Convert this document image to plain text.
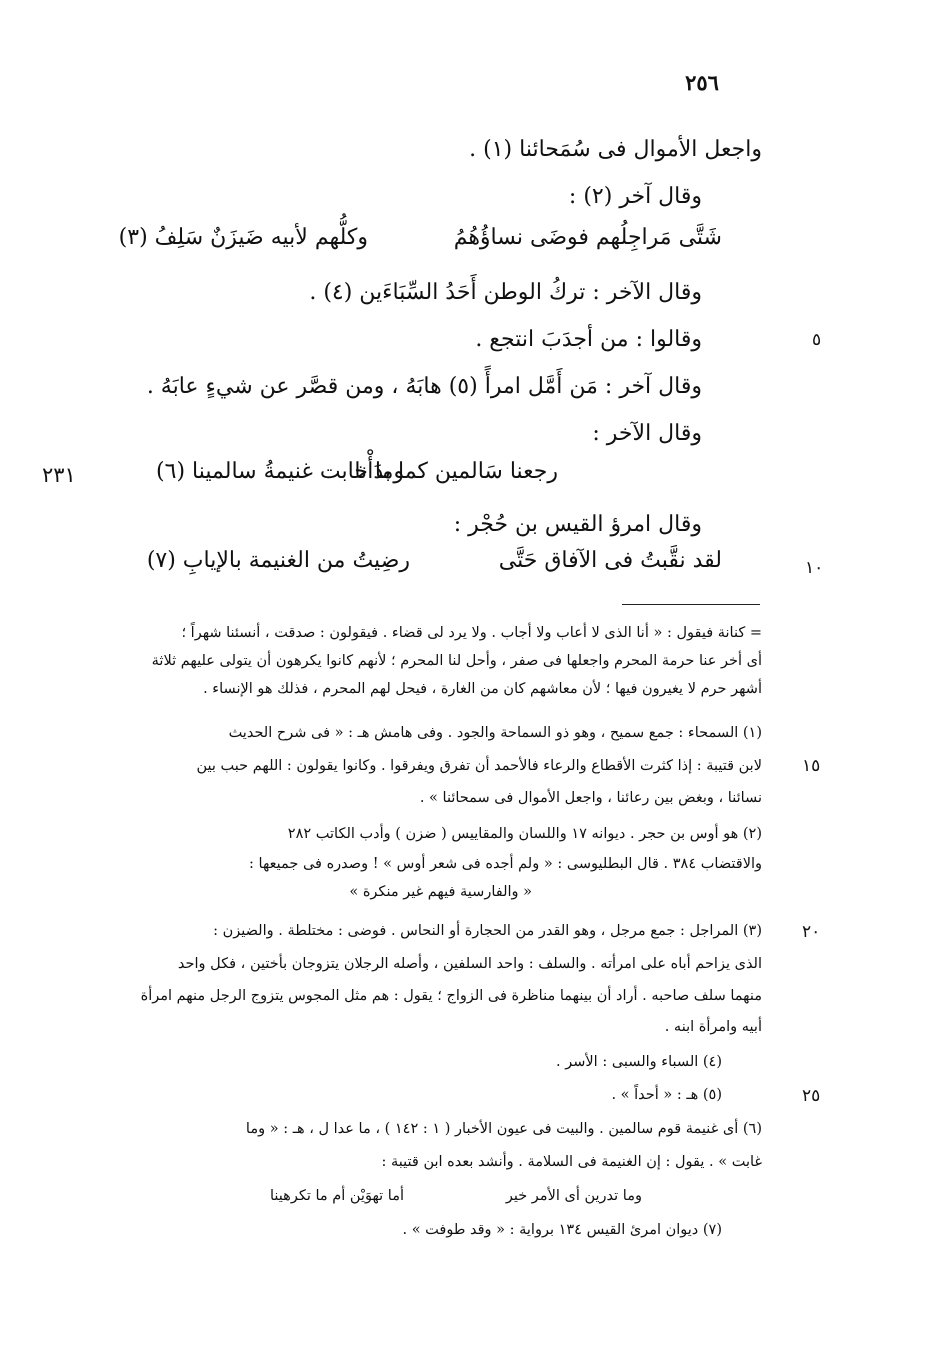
٢٥٦
٥
١٠
١٥
٢٠
٢٥
٢٣١
واجعل الأموال فى سُمَحائنا (١) .
وقال آخر (٢) :
شَتَّى مَراجِلُهم فوضَى نساؤُهُمُ
وكلُّهم لأبيه ضَيزَنٌ سَلِفُ (٣)
وقال الآخر : تركُ الوطن أَحَدُ السِّبَاءَين (٤) .
وقالوا : من أجدَبَ انتجع .
وقال آخر : مَن أَمَّل امرأً (٥) هابَهُ ، ومن قصَّر عن شيءٍ عابَهُ .
وقال الآخر :
رجعنا سَالمين كما بدَأْنا
وما خابت غنيمةُ سالمينا (٦)
وقال امرؤ القيس بن حُجْر :
لقد نقَّبتُ فى الآفاق حَتَّى
رضِيتُ من الغنيمة بالإيابِ (٧)
= كنانة فيقول : « أنا الذى لا أعاب ولا أجاب . ولا يرد لى قضاء . فيقولون : صدقت ، أنسئنا شهراً ؛
أى أخر عنا حرمة المحرم واجعلها فى صفر ، وأحل لنا المحرم ؛ لأنهم كانوا يكرهون أن يتولى عليهم ثلاثة
أشهر حرم لا يغيرون فيها ؛ لأن معاشهم كان من الغارة ، فيحل لهم المحرم ، فذلك هو الإنساء .
(١) السمحاء : جمع سميح ، وهو ذو السماحة والجود . وفى هامش هـ : « فى شرح الحديث
لابن قتيبة : إذا كثرت الأقطاع والرعاء فالأحمد أن تفرق ويفرقوا . وكانوا يقولون : اللهم حبب بين
نسائنا ، وبغض بين رعائنا ، واجعل الأموال فى سمحائنا » .
(٢) هو أوس بن حجر . ديوانه ١٧ واللسان والمقاييس ( ضزن ) وأدب الكاتب ٢٨٢
والاقتضاب ٣٨٤ . قال البطليوسى : « ولم أجده فى شعر أوس » ! وصدره فى جميعها :
« والفارسية فيهم غير منكرة »
(٣) المراجل : جمع مرجل ، وهو القدر من الحجارة أو النحاس . فوضى : مختلطة . والضيزن :
الذى يزاحم أباه على امرأته . والسلف : واحد السلفين ، وأصله الرجلان يتزوجان بأختين ، فكل واحد
منهما سلف صاحبه . أراد أن بينهما مناظرة فى الزواج ؛ يقول : هم مثل المجوس يتزوج الرجل منهم امرأة
أبيه وامرأة ابنه .
(٤) السباء والسبى : الأسر .
(٥) هـ : « أحداً » .
(٦) أى غنيمة قوم سالمين . والبيت فى عيون الأخبار ( ١ : ١٤٢ ) ، ما عدا ل ، هـ : « وما
غابت » . يقول : إن الغنيمة فى السلامة . وأنشد بعده ابن قتيبة :
وما تدرين أى الأمر خير
أما تهوَيْن أم ما تكرهينا
(٧) ديوان امرئ القيس ١٣٤ برواية : « وقد طوفت » .
